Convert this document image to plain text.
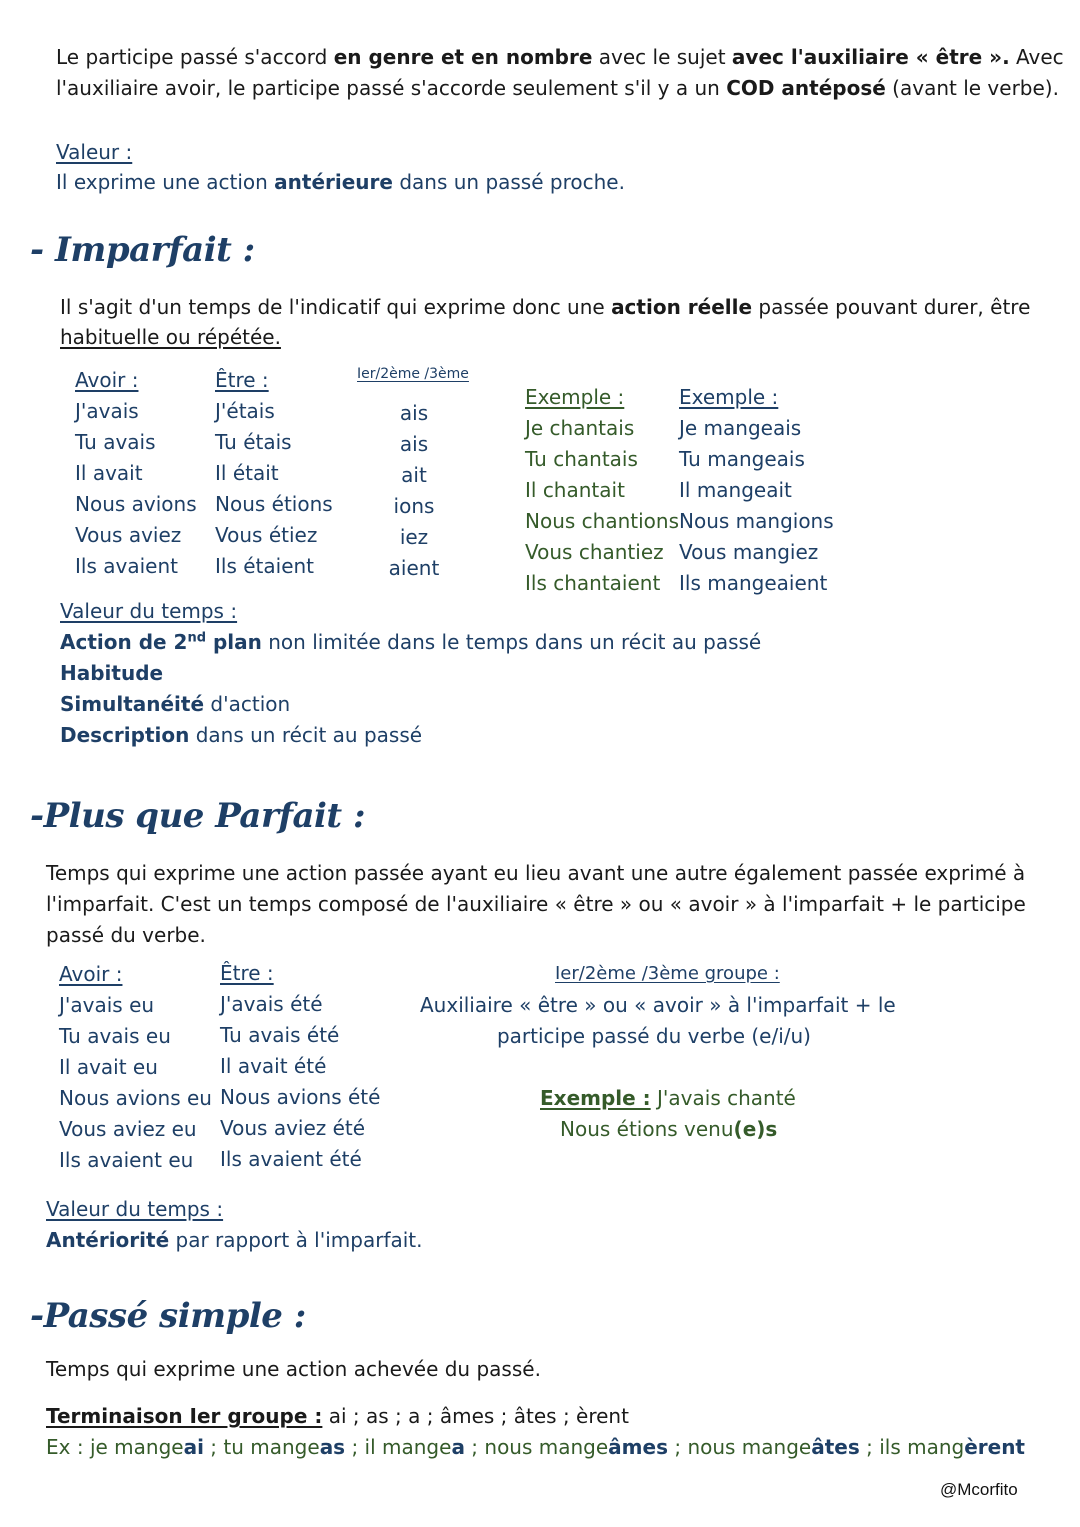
Le participe passé s'accord en genre et en nombre avec le sujet avec l'auxiliaire « être ». Avec
l'auxiliaire avoir, le participe passé s'accorde seulement s'il y a un COD antéposé (avant le verbe).
Valeur :
Il exprime une action antérieure dans un passé proche.
- Imparfait :
Il s'agit d'un temps de l'indicatif qui exprime donc une action réelle passée pouvant durer, être
habituelle ou répétée.
Avoir :
J'avais
Tu avais
Il avait
Nous avions
Vous aviez
Ils avaient
Être :
J'étais
Tu étais
Il était
Nous étions
Vous étiez
Ils étaient
Ier/2ème /3ème
ais
ais
ait
ions
iez
aient
Exemple :
Je chantais
Tu chantais
Il chantait
Nous chantions
Vous chantiez
Ils chantaient
Exemple :
Je mangeais
Tu mangeais
Il mangeait
Nous mangions
Vous mangiez
Ils mangeaient
Valeur du temps :
Action de 2nd plan non limitée dans le temps dans un récit au passé
Habitude
Simultanéité d'action
Description dans un récit au passé
-Plus que Parfait :
Temps qui exprime une action passée ayant eu lieu avant une autre également passée exprimé à
l'imparfait. C'est un temps composé de l'auxiliaire « être » ou « avoir » à l'imparfait + le participe
passé du verbe.
Avoir :
J'avais eu
Tu avais eu
Il avait eu
Nous avions eu
Vous aviez eu
Ils avaient eu
Être :
J'avais été
Tu avais été
Il avait été
Nous avions été
Vous aviez été
Ils avaient été
Ier/2ème /3ème groupe :
Auxiliaire « être » ou « avoir » à l'imparfait + le
participe passé du verbe (e/i/u)
Exemple : J'avais chanté
Nous étions venu(e)s
Valeur du temps :
Antériorité par rapport à l'imparfait.
-Passé simple :
Temps qui exprime une action achevée du passé.
Terminaison Ier groupe : ai ; as ; a ; âmes ; âtes ; èrent
Ex : je mangeai ; tu mangeas ; il mangea ; nous mangeâmes ; nous mangeâtes ; ils mangèrent
@Mcorfito
